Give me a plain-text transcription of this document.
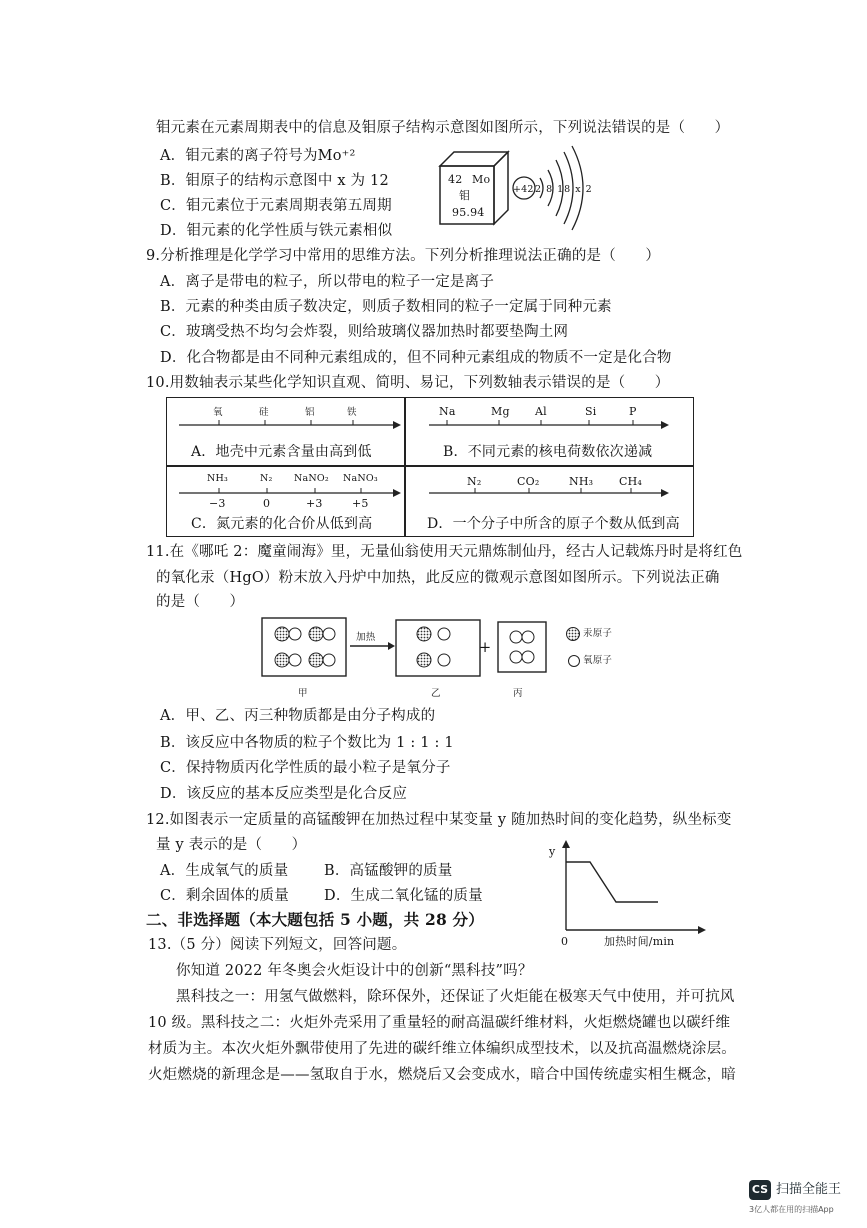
钼元素在元素周期表中的信息及钼原子结构示意图如图所示，下列说法错误的是（　　）
A．钼元素的离子符号为Mo⁺²
B．钼原子的结构示意图中 x 为 12
C．钼元素位于元素周期表第五周期
D．钼元素的化学性质与铁元素相似
42 Mo
钼
95.94
+42 2 8 18 x 2
9.分析推理是化学学习中常用的思维方法。下列分析推理说法正确的是（　　）
A．离子是带电的粒子，所以带电的粒子一定是离子
B．元素的种类由质子数决定，则质子数相同的粒子一定属于同种元素
C．玻璃受热不均匀会炸裂，则给玻璃仪器加热时都要垫陶土网
D．化合物都是由不同种元素组成的，但不同种元素组成的物质不一定是化合物
10.用数轴表示某些化学知识直观、简明、易记，下列数轴表示错误的是（　　）
氧	硅	铝	铁
A．地壳中元素含量由高到低
Na	Mg Al	Si	P
B．不同元素的核电荷数依次递减
NH₃	N₂ NaNO₂ NaNO₃
−3	0	+3	+5
C．氮元素的化合价从低到高
N₂	CO₂	NH₃ CH₄
D．一个分子中所含的原子个数从低到高
11.在《哪吒 2：魔童闹海》里，无量仙翁使用天元鼎炼制仙丹，经古人记载炼丹时是将红色
的氧化汞（HgO）粉末放入丹炉中加热，此反应的微观示意图如图所示。下列说法正确
的是（　　）
加热
+
甲	乙	丙
汞原子
氧原子
A．甲、乙、丙三种物质都是由分子构成的
B．该反应中各物质的粒子个数比为 1 : 1 : 1
C．保持物质丙化学性质的最小粒子是氧分子
D．该反应的基本反应类型是化合反应
12.如图表示一定质量的高锰酸钾在加热过程中某变量 y 随加热时间的变化趋势，纵坐标变
量 y 表示的是（　　）
A．生成氧气的质量 B．高锰酸钾的质量
C．剩余固体的质量 D．生成二氧化锰的质量
y
0	加热时间/min
二、非选择题（本大题包括 5 小题，共 28 分）
13.（5 分）阅读下列短文，回答问题。
你知道 2022 年冬奥会火炬设计中的创新“黑科技”吗？
黑科技之一：用氢气做燃料，除环保外，还保证了火炬能在极寒天气中使用，并可抗风
10 级。黑科技之二：火炬外壳采用了重量轻的耐高温碳纤维材料，火炬燃烧罐也以碳纤维
材质为主。本次火炬外飘带使用了先进的碳纤维立体编织成型技术，以及抗高温燃烧涂层。
火炬燃烧的新理念是——氢取自于水，燃烧后又会变成水，暗合中国传统虚实相生概念，暗
CS 扫描全能王
3亿人都在用的扫描App
